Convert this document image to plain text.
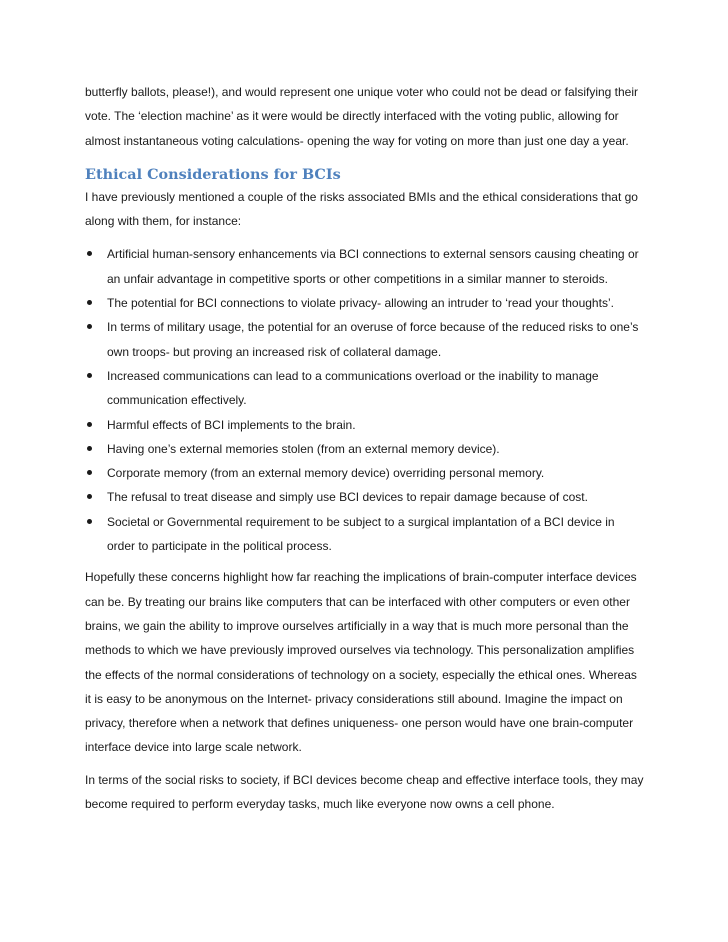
butterfly ballots, please!), and would represent one unique voter who could not be dead or falsifying their vote. The ‘election machine’ as it were would be directly interfaced with the voting public, allowing for almost instantaneous voting calculations- opening the way for voting on more than just one day a year.

Ethical Considerations for BCIs

I have previously mentioned a couple of the risks associated BMIs and the ethical considerations that go along with them, for instance:

Artificial human-sensory enhancements via BCI connections to external sensors causing cheating or an unfair advantage in competitive sports or other competitions in a similar manner to steroids.
The potential for BCI connections to violate privacy- allowing an intruder to ‘read your thoughts’.
In terms of military usage, the potential for an overuse of force because of the reduced risks to one’s own troops- but proving an increased risk of collateral damage.
Increased communications can lead to a communications overload or the inability to manage communication effectively.
Harmful effects of BCI implements to the brain.
Having one’s external memories stolen (from an external memory device).
Corporate memory (from an external memory device) overriding personal memory.
The refusal to treat disease and simply use BCI devices to repair damage because of cost.
Societal or Governmental requirement to be subject to a surgical implantation of a BCI device in order to participate in the political process.

Hopefully these concerns highlight how far reaching the implications of brain-computer interface devices can be. By treating our brains like computers that can be interfaced with other computers or even other brains, we gain the ability to improve ourselves artificially in a way that is much more personal than the methods to which we have previously improved ourselves via technology. This personalization amplifies the effects of the normal considerations of technology on a society, especially the ethical ones. Whereas it is easy to be anonymous on the Internet- privacy considerations still abound. Imagine the impact on privacy, therefore when a network that defines uniqueness- one person would have one brain-computer interface device into large scale network.

In terms of the social risks to society, if BCI devices become cheap and effective interface tools, they may become required to perform everyday tasks, much like everyone now owns a cell phone.
